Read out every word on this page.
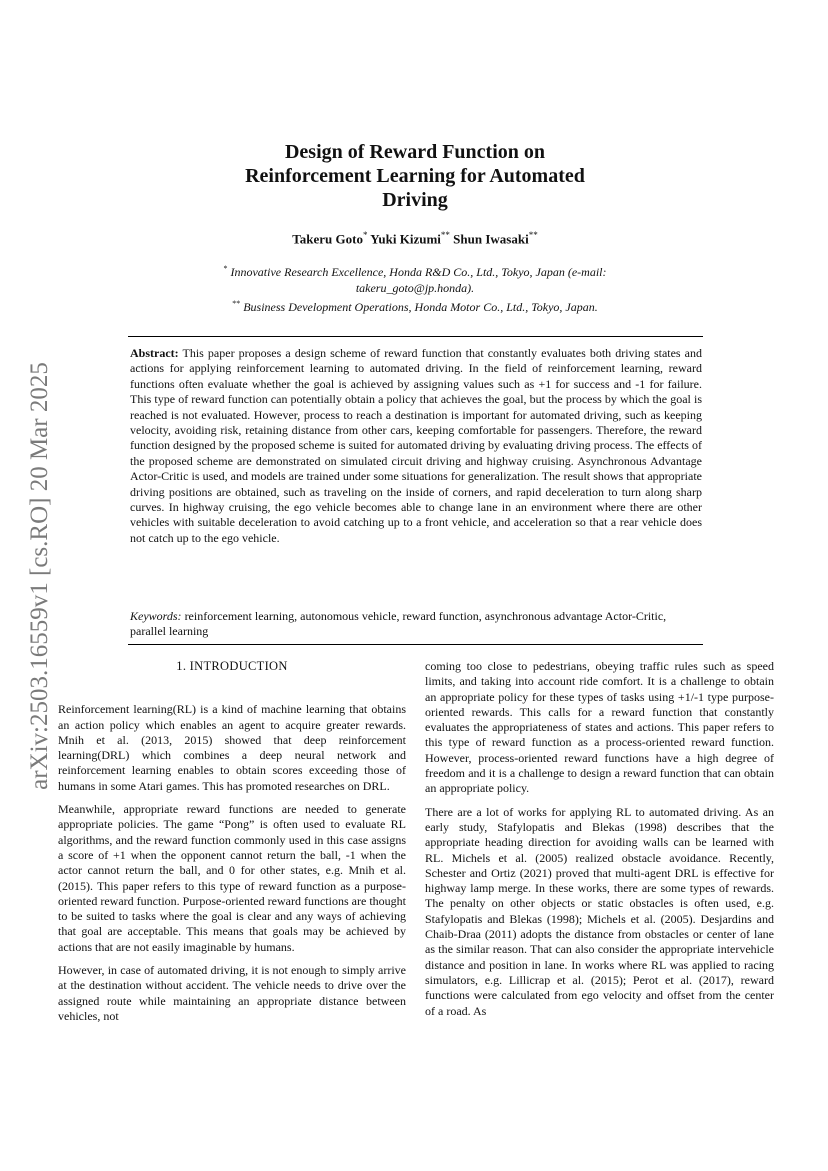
arXiv:2503.16559v1 [cs.RO] 20 Mar 2025
Design of Reward Function on
Reinforcement Learning for Automated
Driving
Takeru Goto* Yuki Kizumi** Shun Iwasaki**
* Innovative Research Excellence, Honda R&D Co., Ltd., Tokyo, Japan (e-mail: takeru_goto@jp.honda).
** Business Development Operations, Honda Motor Co., Ltd., Tokyo, Japan.
Abstract: This paper proposes a design scheme of reward function that constantly evaluates both driving states and actions for applying reinforcement learning to automated driving. In the field of reinforcement learning, reward functions often evaluate whether the goal is achieved by assigning values such as +1 for success and -1 for failure. This type of reward function can potentially obtain a policy that achieves the goal, but the process by which the goal is reached is not evaluated. However, process to reach a destination is important for automated driving, such as keeping velocity, avoiding risk, retaining distance from other cars, keeping comfortable for passengers. Therefore, the reward function designed by the proposed scheme is suited for automated driving by evaluating driving process. The effects of the proposed scheme are demonstrated on simulated circuit driving and highway cruising. Asynchronous Advantage Actor-Critic is used, and models are trained under some situations for generalization. The result shows that appropriate driving positions are obtained, such as traveling on the inside of corners, and rapid deceleration to turn along sharp curves. In highway cruising, the ego vehicle becomes able to change lane in an environment where there are other vehicles with suitable deceleration to avoid catching up to a front vehicle, and acceleration so that a rear vehicle does not catch up to the ego vehicle.
Keywords: reinforcement learning, autonomous vehicle, reward function, asynchronous advantage Actor-Critic, parallel learning

1. INTRODUCTION

Reinforcement learning(RL) is a kind of machine learning that obtains an action policy which enables an agent to acquire greater rewards. Mnih et al. (2013, 2015) showed that deep reinforcement learning(DRL) which combines a deep neural network and reinforcement learning enables to obtain scores exceeding those of humans in some Atari games. This has promoted researches on DRL.

Meanwhile, appropriate reward functions are needed to generate appropriate policies. The game “Pong” is often used to evaluate RL algorithms, and the reward function commonly used in this case assigns a score of +1 when the opponent cannot return the ball, -1 when the actor cannot return the ball, and 0 for other states, e.g. Mnih et al. (2015). This paper refers to this type of reward function as a purpose-oriented reward function. Purpose-oriented reward functions are thought to be suited to tasks where the goal is clear and any ways of achieving that goal are acceptable. This means that goals may be achieved by actions that are not easily imaginable by humans.

However, in case of automated driving, it is not enough to simply arrive at the destination without accident. The vehicle needs to drive over the assigned route while maintaining an appropriate distance between vehicles, not

coming too close to pedestrians, obeying traffic rules such as speed limits, and taking into account ride comfort. It is a challenge to obtain an appropriate policy for these types of tasks using +1/-1 type purpose-oriented rewards. This calls for a reward function that constantly evaluates the appropriateness of states and actions. This paper refers to this type of reward function as a process-oriented reward function. However, process-oriented reward functions have a high degree of freedom and it is a challenge to design a reward function that can obtain an appropriate policy.

There are a lot of works for applying RL to automated driving. As an early study, Stafylopatis and Blekas (1998) describes that the appropriate heading direction for avoiding walls can be learned with RL. Michels et al. (2005) realized obstacle avoidance. Recently, Schester and Ortiz (2021) proved that multi-agent DRL is effective for highway lamp merge. In these works, there are some types of rewards. The penalty on other objects or static obstacles is often used, e.g. Stafylopatis and Blekas (1998); Michels et al. (2005). Desjardins and Chaib-Draa (2011) adopts the distance from obstacles or center of lane as the similar reason. That can also consider the appropriate intervehicle distance and position in lane. In works where RL was applied to racing simulators, e.g. Lillicrap et al. (2015); Perot et al. (2017), reward functions were calculated from ego velocity and offset from the center of a road. As
